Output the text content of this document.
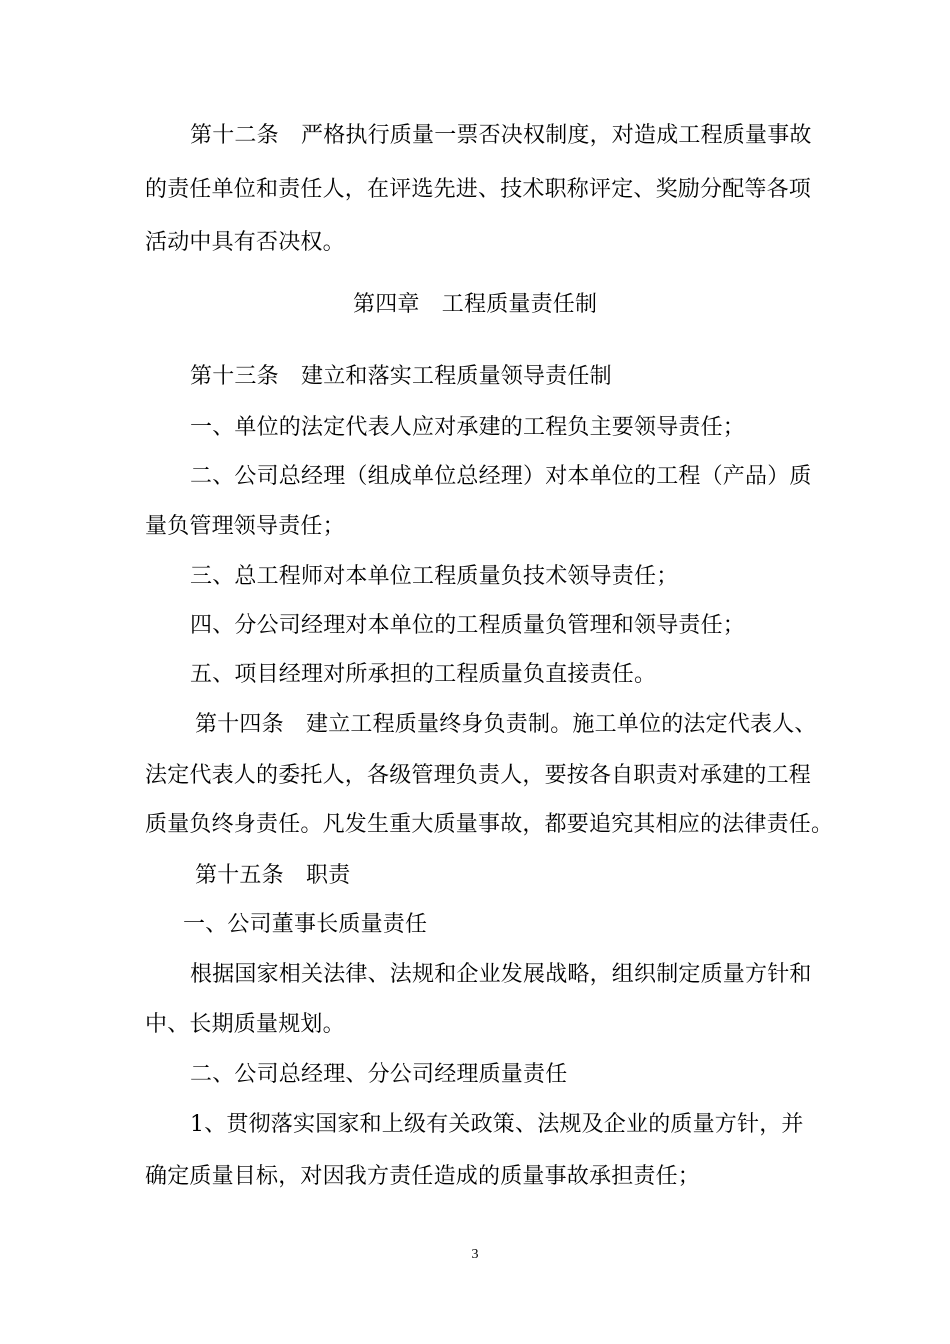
第十二条　严格执行质量一票否决权制度，对造成工程质量事故
的责任单位和责任人，在评选先进、技术职称评定、奖励分配等各项
活动中具有否决权。
第四章　工程质量责任制
第十三条　建立和落实工程质量领导责任制
一、单位的法定代表人应对承建的工程负主要领导责任；
二、公司总经理（组成单位总经理）对本单位的工程（产品）质
量负管理领导责任；
三、总工程师对本单位工程质量负技术领导责任；
四、分公司经理对本单位的工程质量负管理和领导责任；
五、项目经理对所承担的工程质量负直接责任。
第十四条　建立工程质量终身负责制。施工单位的法定代表人、
法定代表人的委托人，各级管理负责人，要按各自职责对承建的工程
质量负终身责任。凡发生重大质量事故，都要追究其相应的法律责任。
第十五条　职责
一、公司董事长质量责任
根据国家相关法律、法规和企业发展战略，组织制定质量方针和
中、长期质量规划。
二、公司总经理、分公司经理质量责任
1、贯彻落实国家和上级有关政策、法规及企业的质量方针，并
确定质量目标，对因我方责任造成的质量事故承担责任；
3
